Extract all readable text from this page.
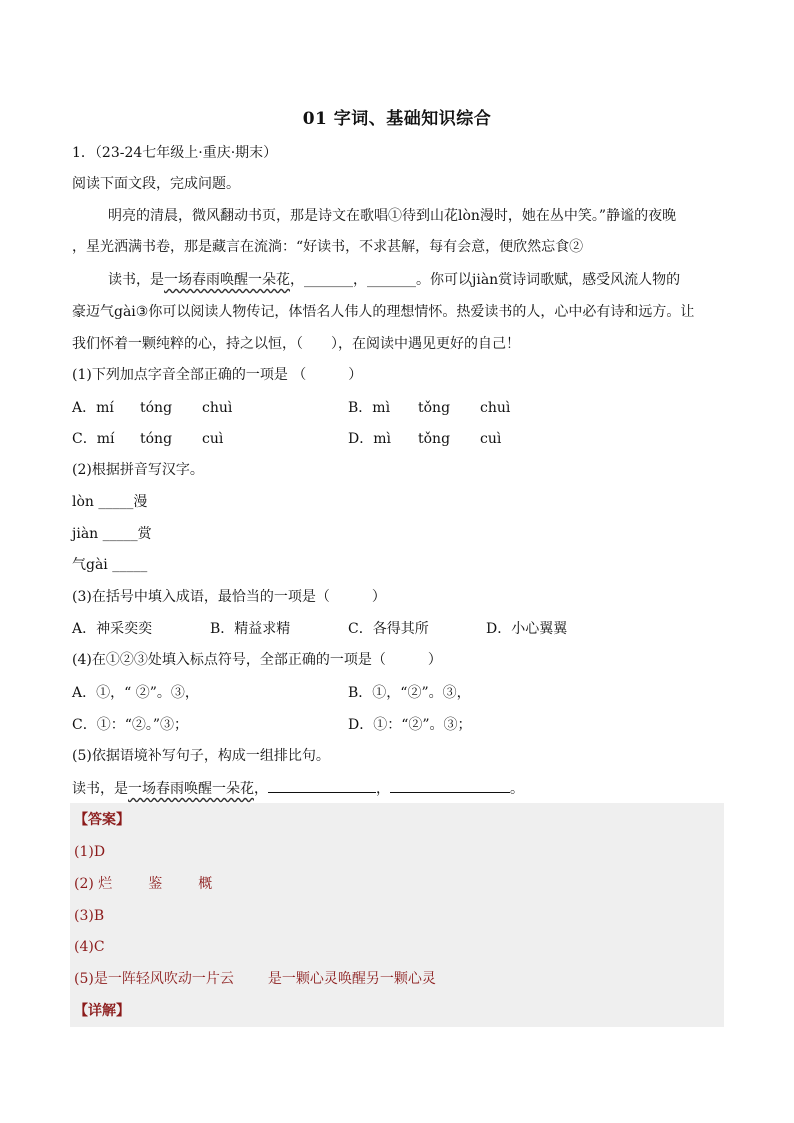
01 字词、基础知识综合
1．（23-24七年级上·重庆·期末）
阅读下面文段，完成问题。
明亮的清晨，微风翻动书页，那是诗文在歌唱①待到山花lòn漫时，她在丛中笑。”静谧的夜晚
，星光洒满书卷，那是藏言在流淌：“好读书，不求甚解，每有会意，便欣然忘食②
读书，是一场春雨唤醒一朵花，_______，_______。你可以jiàn赏诗词歌赋，感受风流人物的
豪迈气gài③你可以阅读人物传记，体悟名人伟人的理想情怀。热爱读书的人，心中必有诗和远方。让
我们怀着一颗纯粹的心，持之以恒，（　　），在阅读中遇见更好的自己！
(1)下列加点字音全部正确的一项是 （　　　）
A．mí tóng chuì	B．mì tǒng chuì
C．mí tóng cuì	D．mì tǒng cuì
(2)根据拼音写汉字。
lòn _____漫
jiàn _____赏
气gài _____
(3)在括号中填入成语，最恰当的一项是（　　　）
A．神采奕奕	B．精益求精	C．各得其所	D．小心翼翼
(4)在①②③处填入标点符号，全部正确的一项是（　　　）
A．①，“ ②”。③，	B．①，“②”。③，
C．①：“②。”③；	D．①：“②”。③；
(5)依据语境补写句子，构成一组排比句。
读书，是一场春雨唤醒一朵花，	，	。
【答案】
(1)D
(2) 烂	鉴	概
(3)B
(4)C
(5)是一阵轻风吹动一片云 是一颗心灵唤醒另一颗心灵
【详解】
